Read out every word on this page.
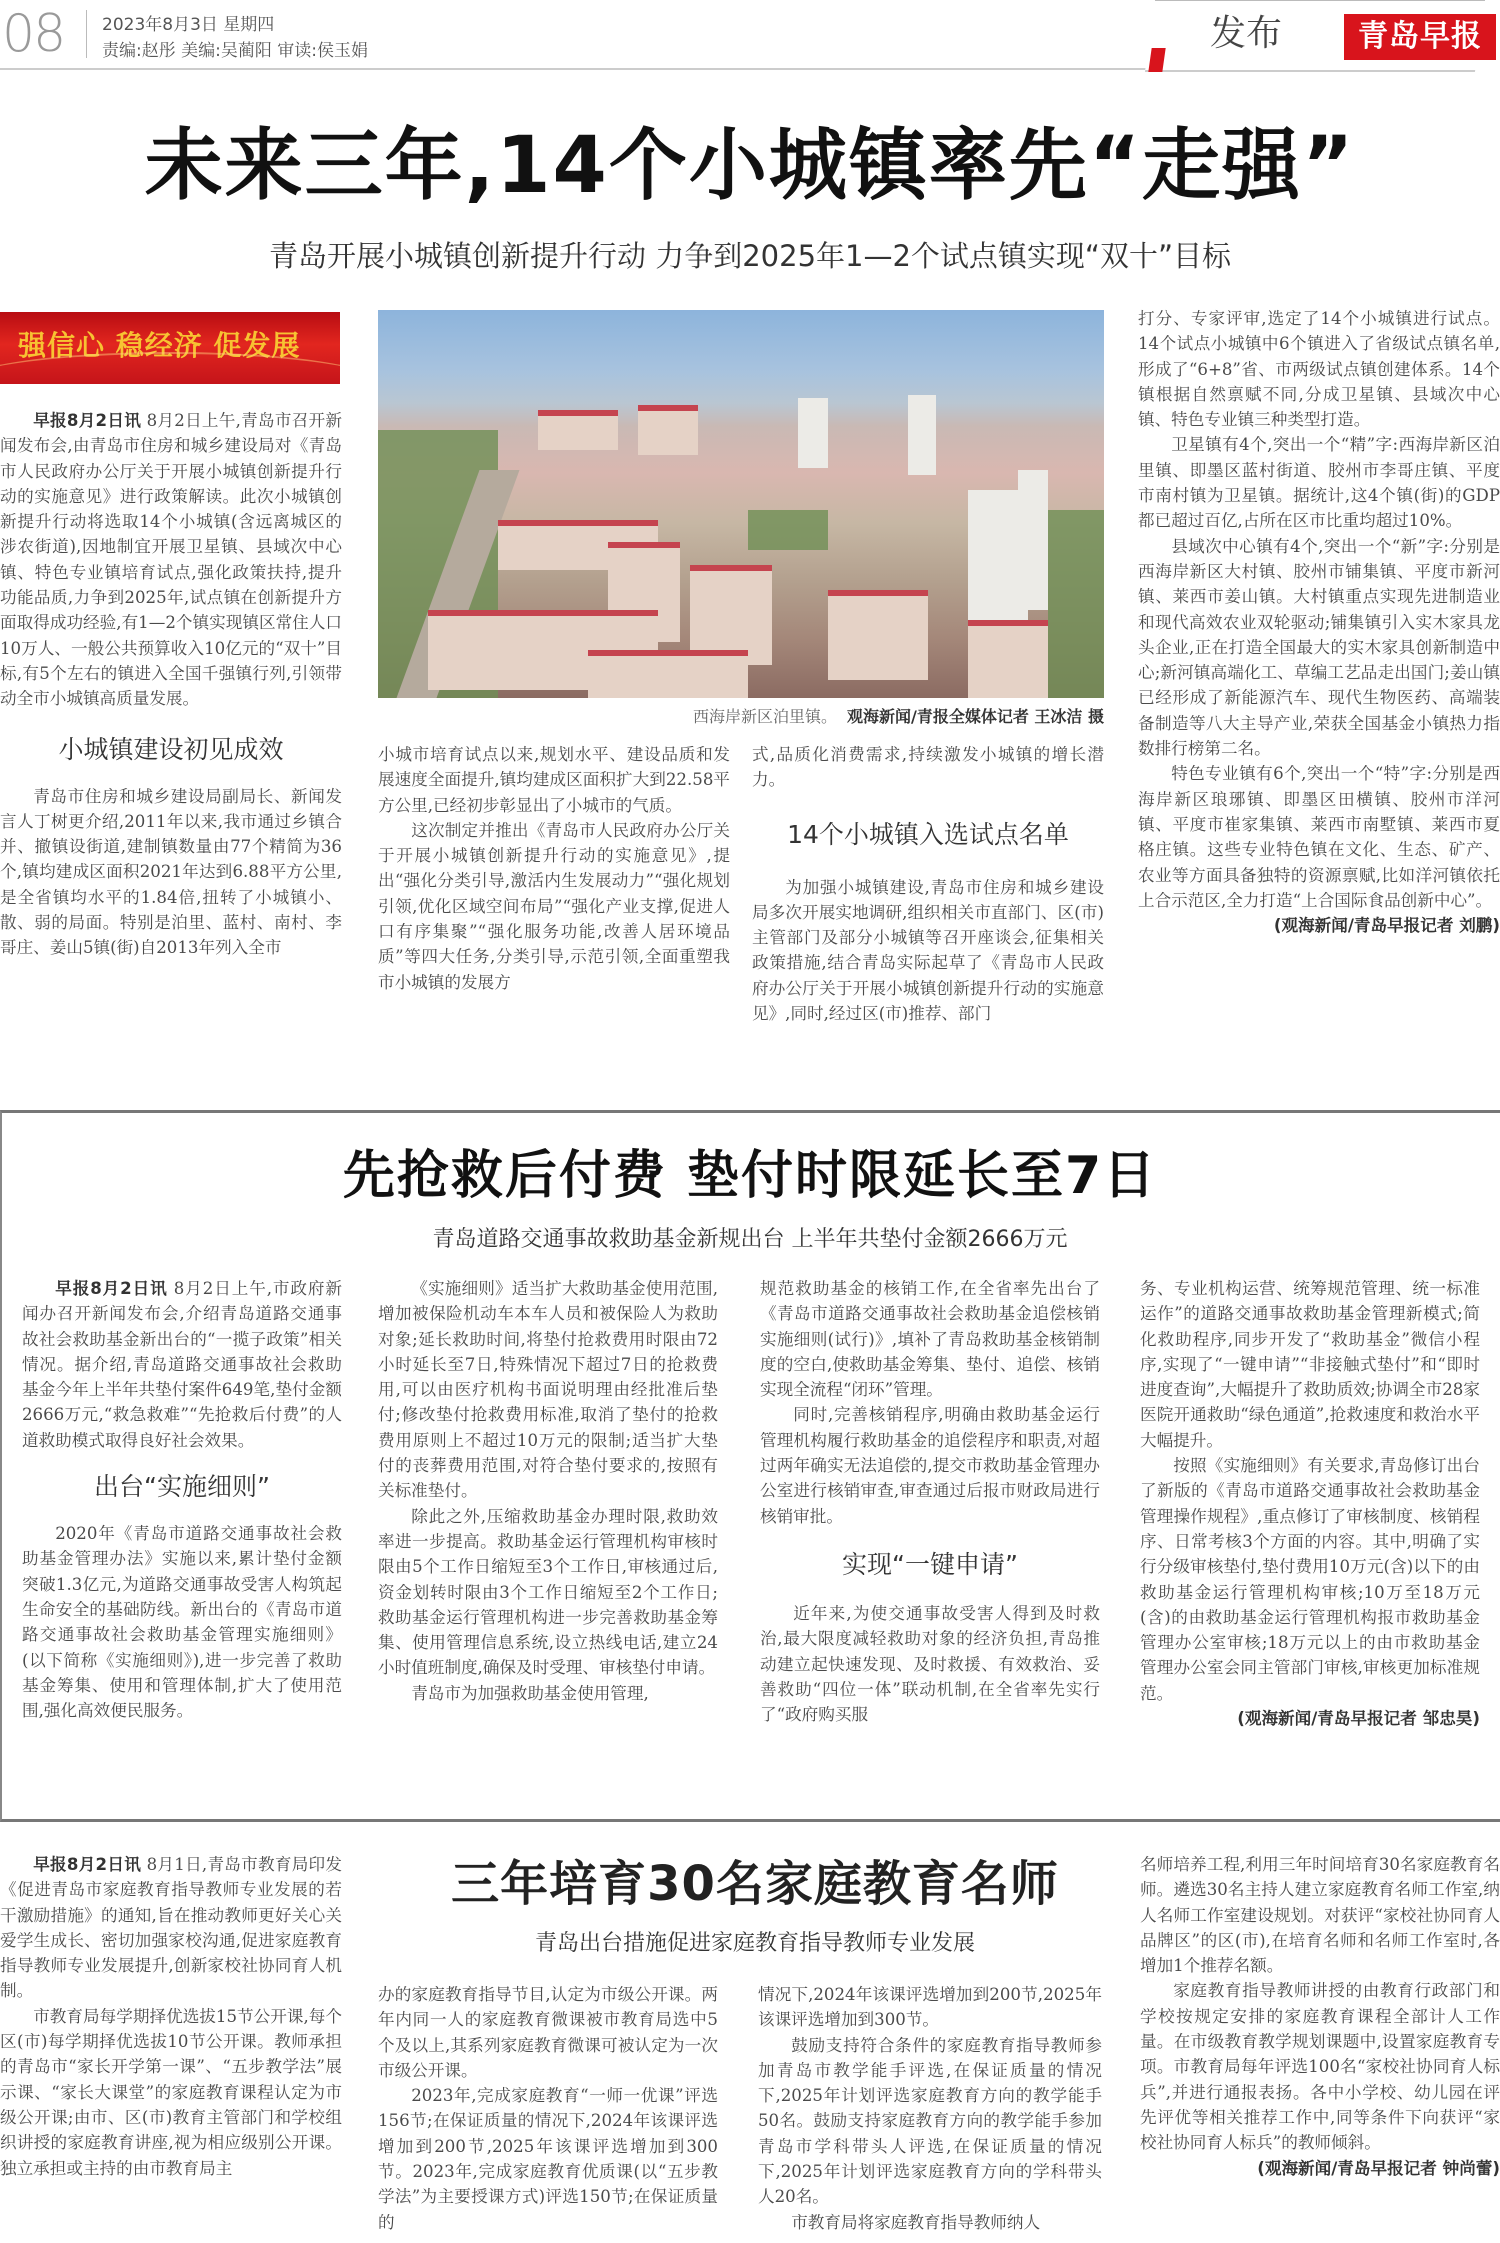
08 2023年8月3日 星期四
责编:赵彤 美编:吴蔺阳 审读:侯玉娟	发布	青岛早报
未来三年,14个小城镇率先“走强”
青岛开展小城镇创新提升行动 力争到2025年1—2个试点镇实现“双十”目标
强信心 稳经济 促发展

早报8月2日讯 8月2日上午,青岛市召开新闻发布会,由青岛市住房和城乡建设局对《青岛市人民政府办公厅关于开展小城镇创新提升行动的实施意见》进行政策解读。此次小城镇创新提升行动将选取14个小城镇(含远离城区的涉农街道),因地制宜开展卫星镇、县域次中心镇、特色专业镇培育试点,强化政策扶持,提升功能品质,力争到2025年,试点镇在创新提升方面取得成功经验,有1—2个镇实现镇区常住人口10万人、一般公共预算收入10亿元的“双十”目标,有5个左右的镇进入全国千强镇行列,引领带动全市小城镇高质量发展。

小城镇建设初见成效

青岛市住房和城乡建设局副局长、新闻发言人丁树更介绍,2011年以来,我市通过乡镇合并、撤镇设街道,建制镇数量由77个精简为36个,镇均建成区面积2021年达到6.88平方公里,是全省镇均水平的1.84倍,扭转了小城镇小、散、弱的局面。特别是泊里、蓝村、南村、李哥庄、姜山5镇(街)自2013年列入全市

西海岸新区泊里镇。 观海新闻/青报全媒体记者 王冰洁 摄

小城市培育试点以来,规划水平、建设品质和发展速度全面提升,镇均建成区面积扩大到22.58平方公里,已经初步彰显出了小城市的气质。

这次制定并推出《青岛市人民政府办公厅关于开展小城镇创新提升行动的实施意见》,提出“强化分类引导,激活内生发展动力”“强化规划引领,优化区域空间布局”“强化产业支撑,促进人口有序集聚”“强化服务功能,改善人居环境品质”等四大任务,分类引导,示范引领,全面重塑我市小城镇的发展方

式,品质化消费需求,持续激发小城镇的增长潜力。

14个小城镇入选试点名单

为加强小城镇建设,青岛市住房和城乡建设局多次开展实地调研,组织相关市直部门、区(市)主管部门及部分小城镇等召开座谈会,征集相关政策措施,结合青岛实际起草了《青岛市人民政府办公厅关于开展小城镇创新提升行动的实施意见》,同时,经过区(市)推荐、部门

打分、专家评审,选定了14个小城镇进行试点。14个试点小城镇中6个镇进入了省级试点镇名单,形成了“6+8”省、市两级试点镇创建体系。14个镇根据自然禀赋不同,分成卫星镇、县域次中心镇、特色专业镇三种类型打造。

卫星镇有4个,突出一个“精”字:西海岸新区泊里镇、即墨区蓝村街道、胶州市李哥庄镇、平度市南村镇为卫星镇。据统计,这4个镇(街)的GDP都已超过百亿,占所在区市比重均超过10%。

县域次中心镇有4个,突出一个“新”字:分别是西海岸新区大村镇、胶州市铺集镇、平度市新河镇、莱西市姜山镇。大村镇重点实现先进制造业和现代高效农业双轮驱动;铺集镇引入实木家具龙头企业,正在打造全国最大的实木家具创新制造中心;新河镇高端化工、草编工艺品走出国门;姜山镇已经形成了新能源汽车、现代生物医药、高端装备制造等八大主导产业,荣获全国基金小镇热力指数排行榜第二名。

特色专业镇有6个,突出一个“特”字:分别是西海岸新区琅琊镇、即墨区田横镇、胶州市洋河镇、平度市崔家集镇、莱西市南墅镇、莱西市夏格庄镇。这些专业特色镇在文化、生态、矿产、农业等方面具备独特的资源禀赋,比如洋河镇依托上合示范区,全力打造“上合国际食品创新中心”。

(观海新闻/青岛早报记者 刘鹏)

先抢救后付费 垫付时限延长至7日
青岛道路交通事故救助基金新规出台 上半年共垫付金额2666万元

早报8月2日讯 8月2日上午,市政府新闻办召开新闻发布会,介绍青岛道路交通事故社会救助基金新出台的“一揽子政策”相关情况。据介绍,青岛道路交通事故社会救助基金今年上半年共垫付案件649笔,垫付金额2666万元,“救急救难”“先抢救后付费”的人道救助模式取得良好社会效果。

出台“实施细则”

2020年《青岛市道路交通事故社会救助基金管理办法》实施以来,累计垫付金额突破1.3亿元,为道路交通事故受害人构筑起生命安全的基础防线。新出台的《青岛市道路交通事故社会救助基金管理实施细则》(以下简称《实施细则》),进一步完善了救助基金筹集、使用和管理体制,扩大了使用范围,强化高效便民服务。

《实施细则》适当扩大救助基金使用范围,增加被保险机动车本车人员和被保险人为救助对象;延长救助时间,将垫付抢救费用时限由72小时延长至7日,特殊情况下超过7日的抢救费用,可以由医疗机构书面说明理由经批准后垫付;修改垫付抢救费用标准,取消了垫付的抢救费用原则上不超过10万元的限制;适当扩大垫付的丧葬费用范围,对符合垫付要求的,按照有关标准垫付。

除此之外,压缩救助基金办理时限,救助效率进一步提高。救助基金运行管理机构审核时限由5个工作日缩短至3个工作日,审核通过后,资金划转时限由3个工作日缩短至2个工作日;救助基金运行管理机构进一步完善救助基金筹集、使用管理信息系统,设立热线电话,建立24小时值班制度,确保及时受理、审核垫付申请。

青岛市为加强救助基金使用管理,

规范救助基金的核销工作,在全省率先出台了《青岛市道路交通事故社会救助基金追偿核销实施细则(试行)》,填补了青岛救助基金核销制度的空白,使救助基金筹集、垫付、追偿、核销实现全流程“闭环”管理。

同时,完善核销程序,明确由救助基金运行管理机构履行救助基金的追偿程序和职责,对超过两年确实无法追偿的,提交市救助基金管理办公室进行核销审查,审查通过后报市财政局进行核销审批。

实现“一键申请”

近年来,为使交通事故受害人得到及时救治,最大限度减轻救助对象的经济负担,青岛推动建立起快速发现、及时救援、有效救治、妥善救助“四位一体”联动机制,在全省率先实行了“政府购买服

务、专业机构运营、统筹规范管理、统一标准运作”的道路交通事故救助基金管理新模式;简化救助程序,同步开发了“救助基金”微信小程序,实现了“一键申请”“非接触式垫付”和“即时进度查询”,大幅提升了救助质效;协调全市28家医院开通救助“绿色通道”,抢救速度和救治水平大幅提升。

按照《实施细则》有关要求,青岛修订出台了新版的《青岛市道路交通事故社会救助基金管理操作规程》,重点修订了审核制度、核销程序、日常考核3个方面的内容。其中,明确了实行分级审核垫付,垫付费用10万元(含)以下的由救助基金运行管理机构审核;10万至18万元(含)的由救助基金运行管理机构报市救助基金管理办公室审核;18万元以上的由市救助基金管理办公室会同主管部门审核,审核更加标准规范。

(观海新闻/青岛早报记者 邹忠昊)

三年培育30名家庭教育名师
青岛出台措施促进家庭教育指导教师专业发展

早报8月2日讯 8月1日,青岛市教育局印发《促进青岛市家庭教育指导教师专业发展的若干激励措施》的通知,旨在推动教师更好关心关爱学生成长、密切加强家校沟通,促进家庭教育指导教师专业发展提升,创新家校社协同育人机制。

市教育局每学期择优选拔15节公开课,每个区(市)每学期择优选拔10节公开课。教师承担的青岛市“家长开学第一课”、“五步教学法”展示课、“家长大课堂”的家庭教育课程认定为市级公开课;由市、区(市)教育主管部门和学校组织讲授的家庭教育讲座,视为相应级别公开课。独立承担或主持的由市教育局主

办的家庭教育指导节目,认定为市级公开课。两年内同一人的家庭教育微课被市教育局选中5个及以上,其系列家庭教育微课可被认定为一次市级公开课。

2023年,完成家庭教育“一师一优课”评选156节;在保证质量的情况下,2024年该课评选增加到200节,2025年该课评选增加到300节。2023年,完成家庭教育优质课(以“五步教学法”为主要授课方式)评选150节;在保证质量的

情况下,2024年该课评选增加到200节,2025年该课评选增加到300节。

鼓励支持符合条件的家庭教育指导教师参加青岛市教学能手评选,在保证质量的情况下,2025年计划评选家庭教育方向的教学能手50名。鼓励支持家庭教育方向的教学能手参加青岛市学科带头人评选,在保证质量的情况下,2025年计划评选家庭教育方向的学科带头人20名。

市教育局将家庭教育指导教师纳人

名师培养工程,利用三年时间培育30名家庭教育名师。遴选30名主持人建立家庭教育名师工作室,纳人名师工作室建设规划。对获评“家校社协同育人品牌区”的区(市),在培育名师和名师工作室时,各增加1个推荐名额。

家庭教育指导教师讲授的由教育行政部门和学校按规定安排的家庭教育课程全部计人工作量。在市级教育教学规划课题中,设置家庭教育专项。市教育局每年评选100名“家校社协同育人标兵”,并进行通报表扬。各中小学校、幼儿园在评先评优等相关推荐工作中,同等条件下向获评“家校社协同育人标兵”的教师倾斜。

(观海新闻/青岛早报记者 钟尚蕾)
